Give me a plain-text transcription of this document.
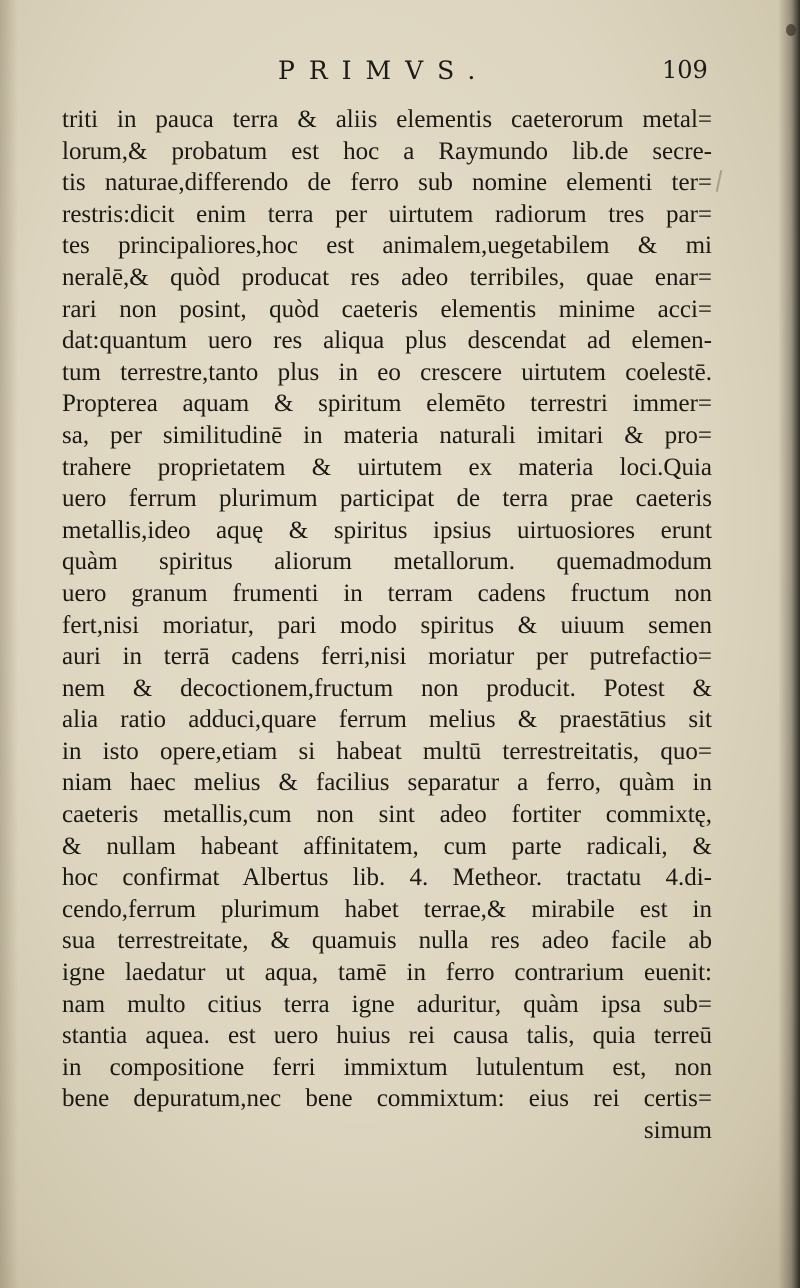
PRIMVS.	109
triti in pauca terra & aliis elementis caeterorum metal=
lorum,& probatum est hoc a Raymundo lib.de secre-
tis naturae,differendo de ferro sub nomine elementi ter=
restris:dicit enim terra per uirtutem radiorum tres par=
tes principaliores,hoc est animalem,uegetabilem & mi
neralē,& quòd producat res adeo terribiles, quae enar=
rari non posint, quòd caeteris elementis minime acci=
dat:quantum uero res aliqua plus descendat ad elemen-
tum terrestre,tanto plus in eo crescere uirtutem coelestē.
Propterea aquam & spiritum elemēto terrestri immer=
sa, per similitudinē in materia naturali imitari & pro=
trahere proprietatem & uirtutem ex materia loci.Quia
uero ferrum plurimum participat de terra prae caeteris
metallis,ideo aquę & spiritus ipsius uirtuosiores erunt
quàm spiritus aliorum metallorum. quemadmodum
uero granum frumenti in terram cadens fructum non
fert,nisi moriatur, pari modo spiritus & uiuum semen
auri in terrā cadens ferri,nisi moriatur per putrefactio=
nem & decoctionem,fructum non producit. Potest &
alia ratio adduci,quare ferrum melius & praestātius sit
in isto opere,etiam si habeat multū terrestreitatis, quo=
niam haec melius & facilius separatur a ferro, quàm in
caeteris metallis,cum non sint adeo fortiter commixtę,
& nullam habeant affinitatem, cum parte radicali, &
hoc confirmat Albertus lib. 4. Metheor. tractatu 4.di-
cendo,ferrum plurimum habet terrae,& mirabile est in
sua terrestreitate, & quamuis nulla res adeo facile ab
igne laedatur ut aqua, tamē in ferro contrarium euenit:
nam multo citius terra igne aduritur, quàm ipsa sub=
stantia aquea. est uero huius rei causa talis, quia terreū
in compositione ferri immixtum lutulentum est, non
bene depuratum,nec bene commixtum: eius rei certis=
simum
